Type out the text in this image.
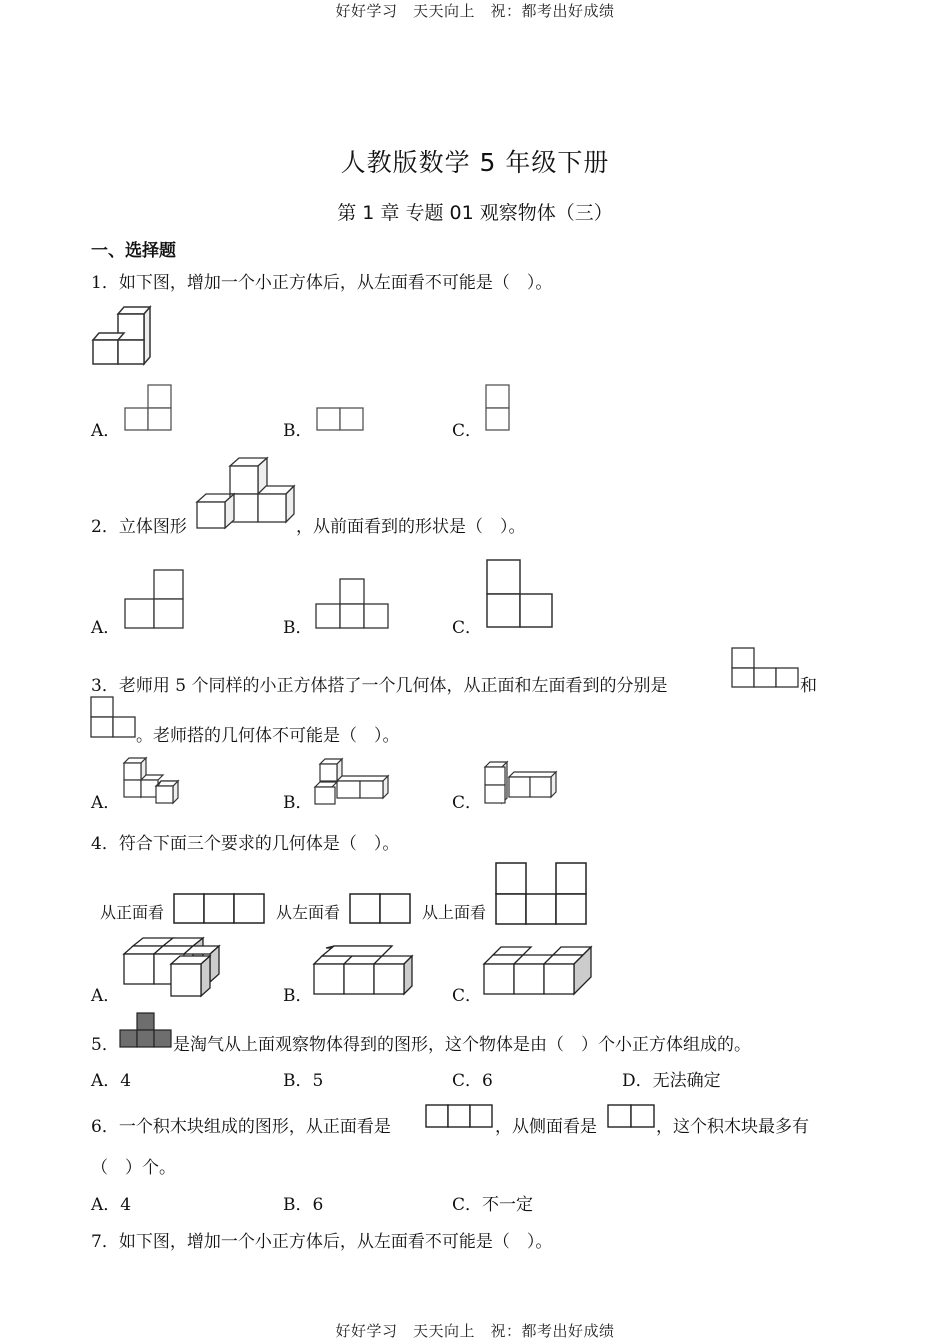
好好学习　天天向上　祝：都考出好成绩
人教版数学 5 年级下册
第 1 章 专题 01 观察物体（三）
一、选择题
1．如下图，增加一个小正方体后，从左面看不可能是（　）。
A．	B．	C．
2．立体图形	，从前面看到的形状是（　）。
A．	B．	C．
3．老师用 5 个同样的小正方体搭了一个几何体，从正面和左面看到的分别是	和
。老师搭的几何体不可能是（　）。
A．	B．	C．
4．符合下面三个要求的几何体是（　）。
从正面看	从左面看	从上面看
A．	B．	C．
5．	是淘气从上面观察物体得到的图形，这个物体是由（　）个小正方体组成的。
A．4	B．5	C．6	D．无法确定
6．一个积木块组成的图形，从正面看是	，从侧面看是	，这个积木块最多有
（　）个。
A．4	B．6	C．不一定
7．如下图，增加一个小正方体后，从左面看不可能是（　）。
好好学习　天天向上　祝：都考出好成绩
